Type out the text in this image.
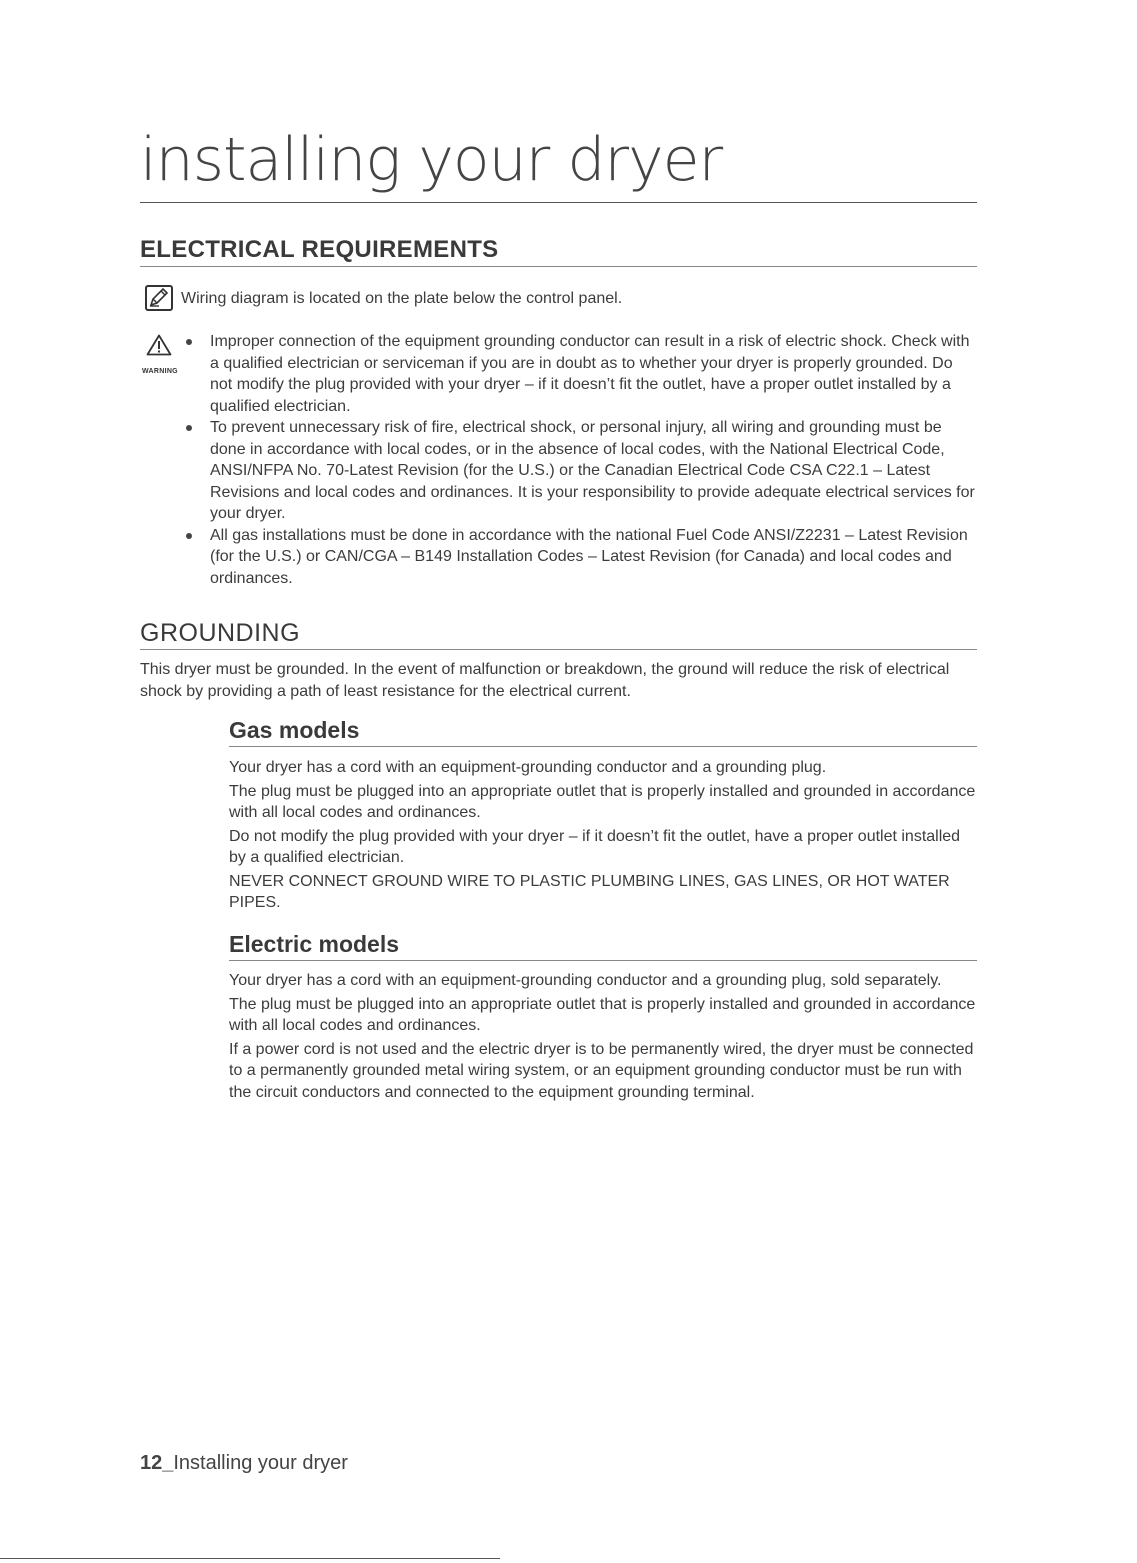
installing your dryer
ELECTRICAL REQUIREMENTS
Wiring diagram is located on the plate below the control panel.
WARNING
Improper connection of the equipment grounding conductor can result in a risk of electric shock. Check with a qualified electrician or serviceman if you are in doubt as to whether your dryer is properly grounded. Do not modify the plug provided with your dryer – if it doesn’t fit the outlet, have a proper outlet installed by a qualified electrician.
To prevent unnecessary risk of fire, electrical shock, or personal injury, all wiring and grounding must be done in accordance with local codes, or in the absence of local codes, with the National Electrical Code, ANSI/NFPA No. 70-Latest Revision (for the U.S.) or the Canadian Electrical Code CSA C22.1 – Latest Revisions and local codes and ordinances. It is your responsibility to provide adequate electrical services for your dryer.
All gas installations must be done in accordance with the national Fuel Code ANSI/Z2231 – Latest Revision (for the U.S.) or CAN/CGA – B149 Installation Codes – Latest Revision (for Canada) and local codes and ordinances.
GROUNDING

This dryer must be grounded. In the event of malfunction or breakdown, the ground will reduce the risk of electrical shock by providing a path of least resistance for the electrical current.

Gas models

Your dryer has a cord with an equipment-grounding conductor and a grounding plug.

The plug must be plugged into an appropriate outlet that is properly installed and grounded in accordance with all local codes and ordinances.

Do not modify the plug provided with your dryer – if it doesn’t fit the outlet, have a proper outlet installed by a qualified electrician.

NEVER CONNECT GROUND WIRE TO PLASTIC PLUMBING LINES, GAS LINES, OR HOT WATER PIPES.

Electric models

Your dryer has a cord with an equipment-grounding conductor and a grounding plug, sold separately.

The plug must be plugged into an appropriate outlet that is properly installed and grounded in accordance with all local codes and ordinances.

If a power cord is not used and the electric dryer is to be permanently wired, the dryer must be connected to a permanently grounded metal wiring system, or an equipment grounding conductor must be run with the circuit conductors and connected to the equipment grounding terminal.

12_Installing your dryer
